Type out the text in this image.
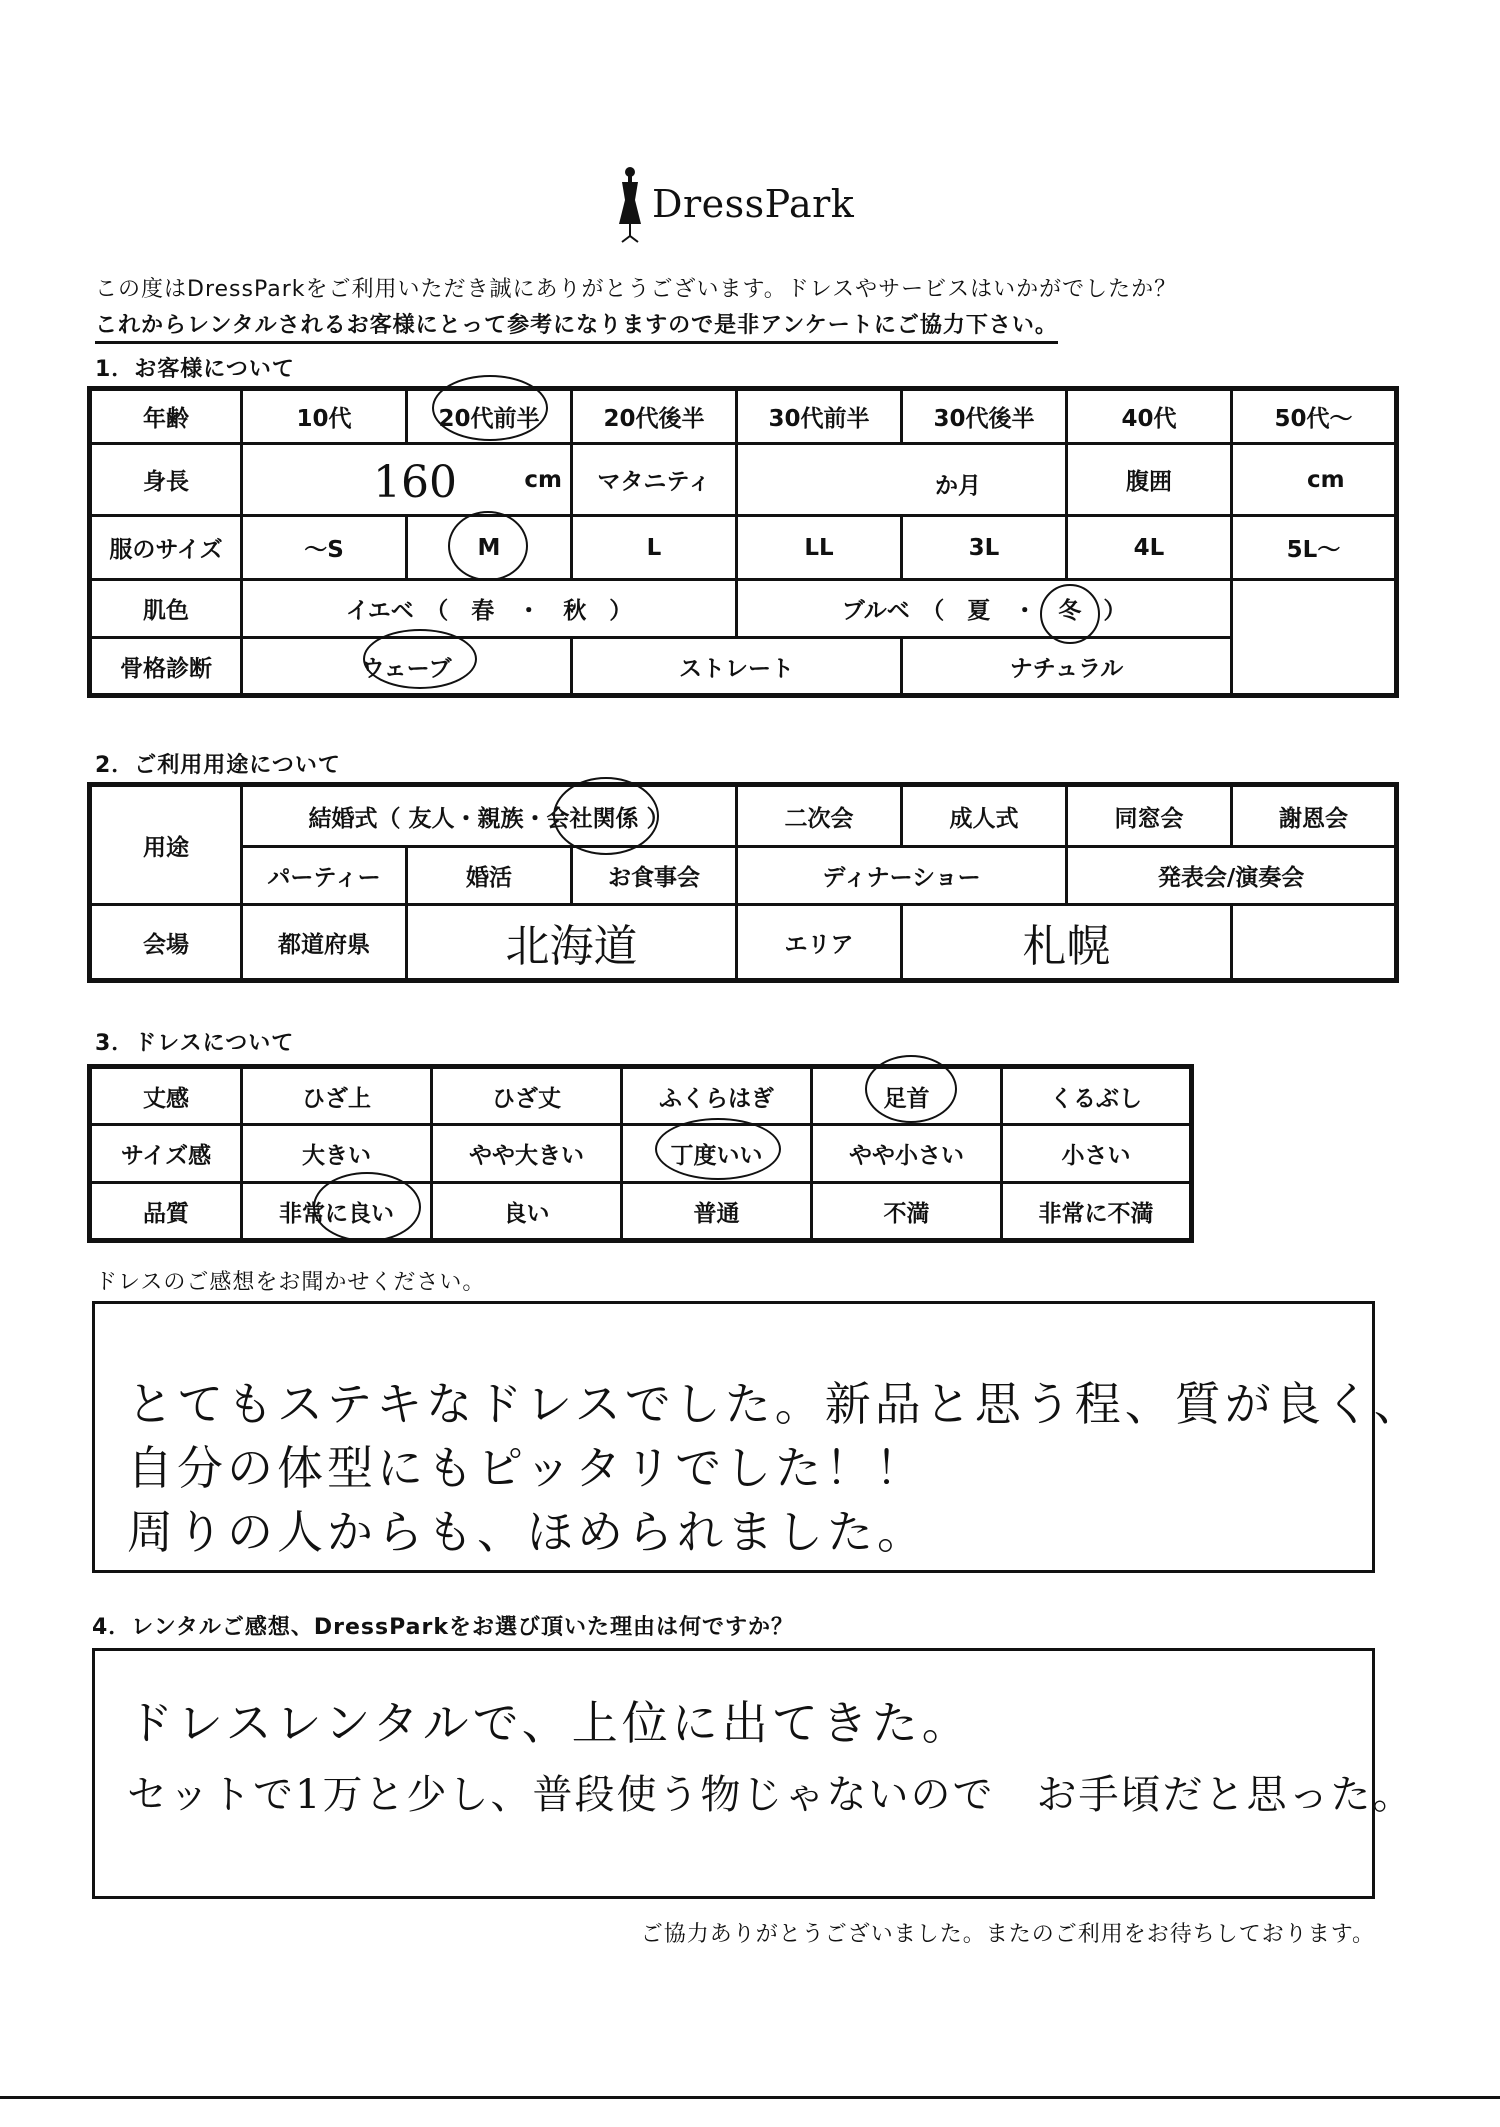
DressPark
この度はDressParkをご利用いただき誠にありがとうございます。ドレスやサービスはいかがでしたか？
これからレンタルされるお客様にとって参考になりますので是非アンケートにご協力下さい。
1．お客様について
年齢	10代	20代前半	20代後半	30代前半	30代後半	40代	50代～
身長	160 cm		マタニティ	か月		腹囲	cm

服のサイズ	～S	M	L	LL	3L	4L	5L～
肌色	イエベ　（　春　・　秋　）			ブルベ　（　夏　・ 冬 ）			
骨格診断	ウェーブ		ストレート		ナチュラル		
2．ご利用用途について
用途	結婚式（ 友人・親族・会社関係 ）			二次会	成人式	同窓会	謝恩会
	パーティー	婚活	お食事会	ディナーショー		発表会/演奏会	
会場	都道府県	北海道		エリア	札幌		
3．ドレスについて
丈感	ひざ上	ひざ丈	ふくらはぎ	足首	くるぶし
サイズ感	大きい	やや大きい	丁度いい	やや小さい	小さい
品質	非常に良い	良い	普通	不満	非常に不満
ドレスのご感想をお聞かせください。
とてもステキなドレスでした。新品と思う程、質が良く、
自分の体型にもピッタリでした！！
周りの人からも、ほめられました。
4．レンタルご感想、DressParkをお選び頂いた理由は何ですか？
ドレスレンタルで、上位に出てきた。
セットで1万と少し、普段使う物じゃないので　お手頃だと思った。
ご協力ありがとうございました。またのご利用をお待ちしております。
